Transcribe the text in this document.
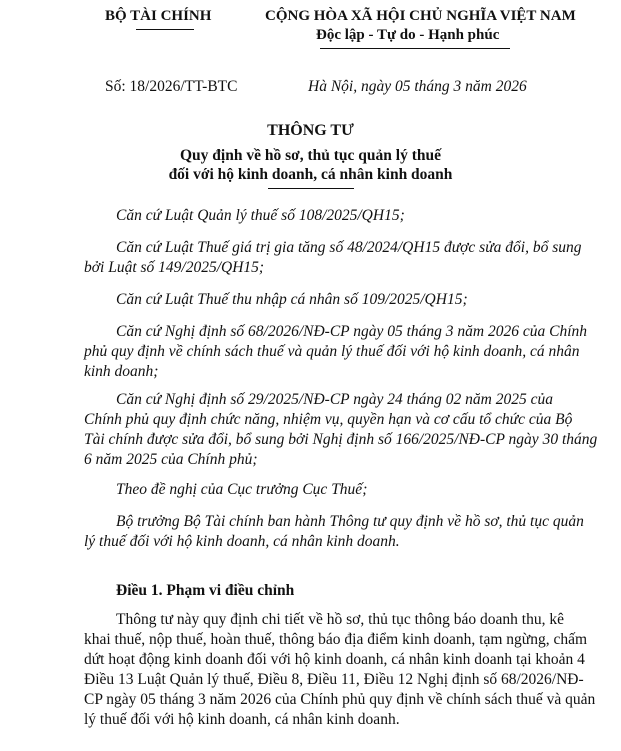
BỘ TÀI CHÍNH	CỘNG HÒA XÃ HỘI CHỦ NGHĨA VIỆT NAM
Độc lập - Tự do - Hạnh phúc
Số: 18/2026/TT-BTC	Hà Nội, ngày 05 tháng 3 năm 2026
THÔNG TƯ
Quy định về hồ sơ, thủ tục quản lý thuế
đối với hộ kinh doanh, cá nhân kinh doanh
Căn cứ Luật Quản lý thuế số 108/2025/QH15;
Căn cứ Luật Thuế giá trị gia tăng số 48/2024/QH15 được sửa đổi, bổ sung
bởi Luật số 149/2025/QH15;
Căn cứ Luật Thuế thu nhập cá nhân số 109/2025/QH15;
Căn cứ Nghị định số 68/2026/NĐ-CP ngày 05 tháng 3 năm 2026 của Chính
phủ quy định về chính sách thuế và quản lý thuế đối với hộ kinh doanh, cá nhân
kinh doanh;
Căn cứ Nghị định số 29/2025/NĐ-CP ngày 24 tháng 02 năm 2025 của
Chính phủ quy định chức năng, nhiệm vụ, quyền hạn và cơ cấu tổ chức của Bộ
Tài chính được sửa đổi, bổ sung bởi Nghị định số 166/2025/NĐ-CP ngày 30 tháng
6 năm 2025 của Chính phủ;
Theo đề nghị của Cục trưởng Cục Thuế;
Bộ trưởng Bộ Tài chính ban hành Thông tư quy định về hồ sơ, thủ tục quản
lý thuế đối với hộ kinh doanh, cá nhân kinh doanh.
Điều 1. Phạm vi điều chỉnh
Thông tư này quy định chi tiết về hồ sơ, thủ tục thông báo doanh thu, kê
khai thuế, nộp thuế, hoàn thuế, thông báo địa điểm kinh doanh, tạm ngừng, chấm
dứt hoạt động kinh doanh đối với hộ kinh doanh, cá nhân kinh doanh tại khoản 4
Điều 13 Luật Quản lý thuế, Điều 8, Điều 11, Điều 12 Nghị định số 68/2026/NĐ-
CP ngày 05 tháng 3 năm 2026 của Chính phủ quy định về chính sách thuế và quản
lý thuế đối với hộ kinh doanh, cá nhân kinh doanh.
